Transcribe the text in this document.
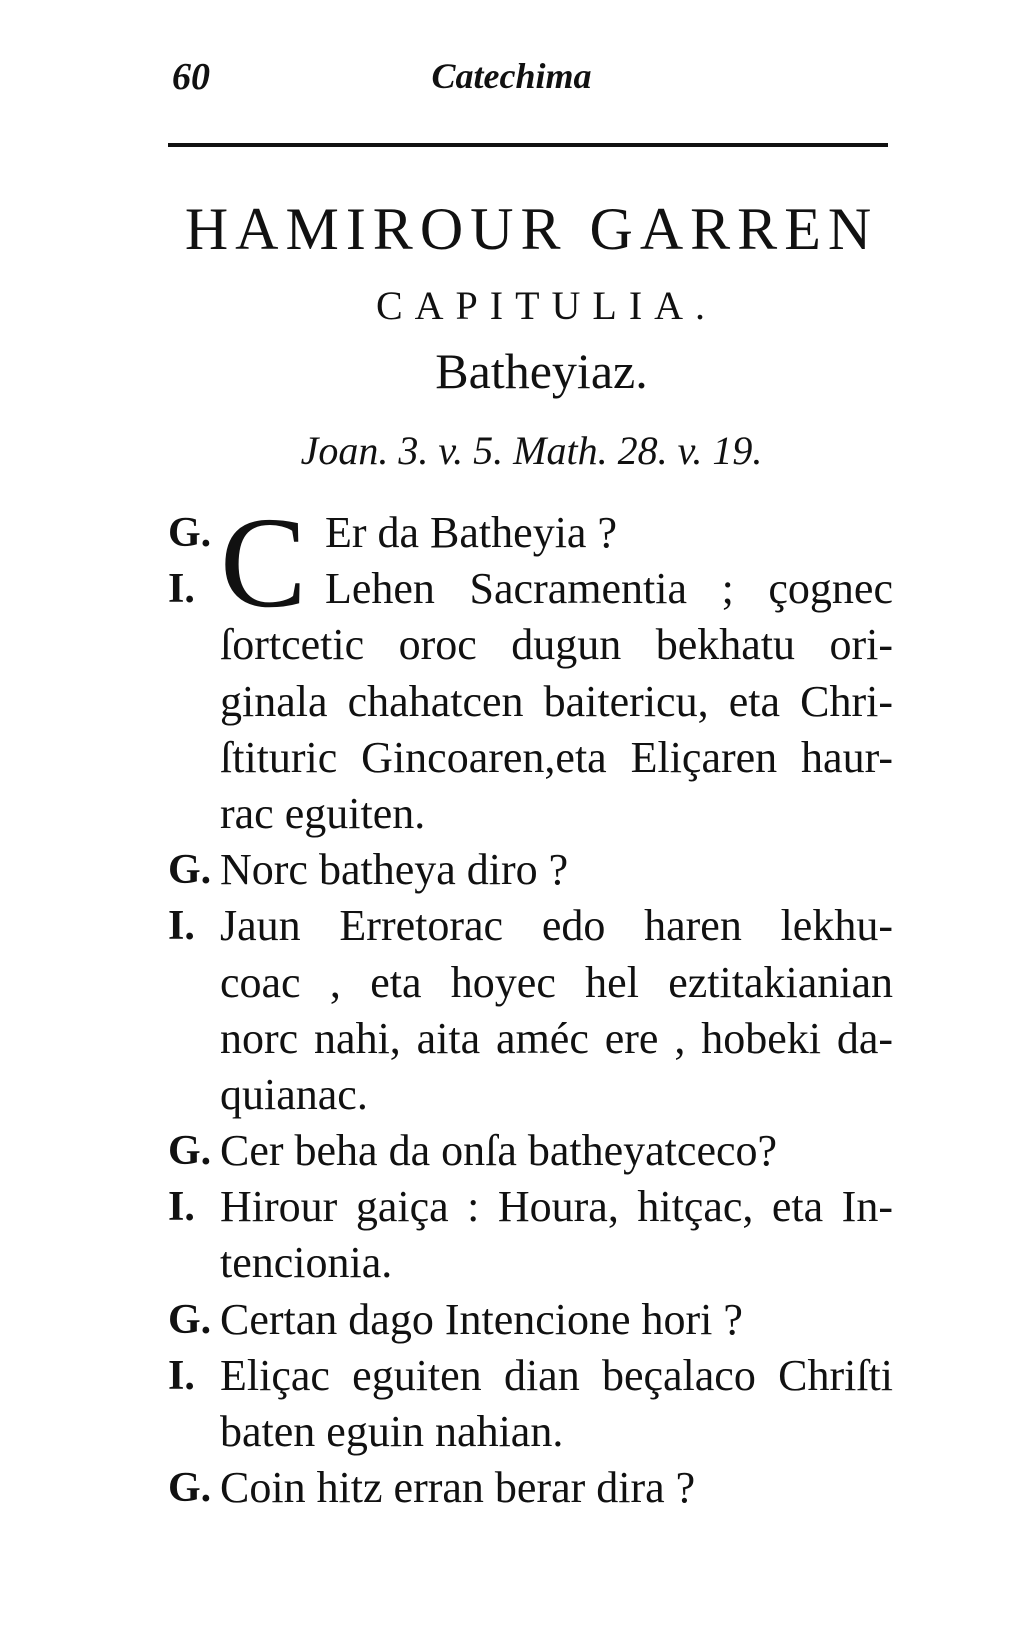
60	Catechima
HAMIROUR GARREN
CAPITULIA.
Batheyiaz.
Joan. 3. v. 5. Math. 28. v. 19.
G. C Er da Batheyia ?
I.	Lehen Sacramentia ; çognec
ſortcetic oroc dugun bekhatu ori-
ginala chahatcen baitericu, eta Chri-
ſtituric Gincoaren,eta Eliçaren haur-
rac eguiten.
G. Norc batheya diro ?
I. Jaun Erretorac edo haren lekhu-
coac , eta hoyec hel eztitakianian
norc nahi, aita améc ere , hobeki da-
quianac.
G. Cer beha da onſa batheyatceco?
I. Hirour gaiça : Houra, hitçac, eta In-
tencionia.
G. Certan dago Intencione hori ?
I. Eliçac eguiten dian beçalaco Chriſti
baten eguin nahian.
G. Coin hitz erran berar dira ?
